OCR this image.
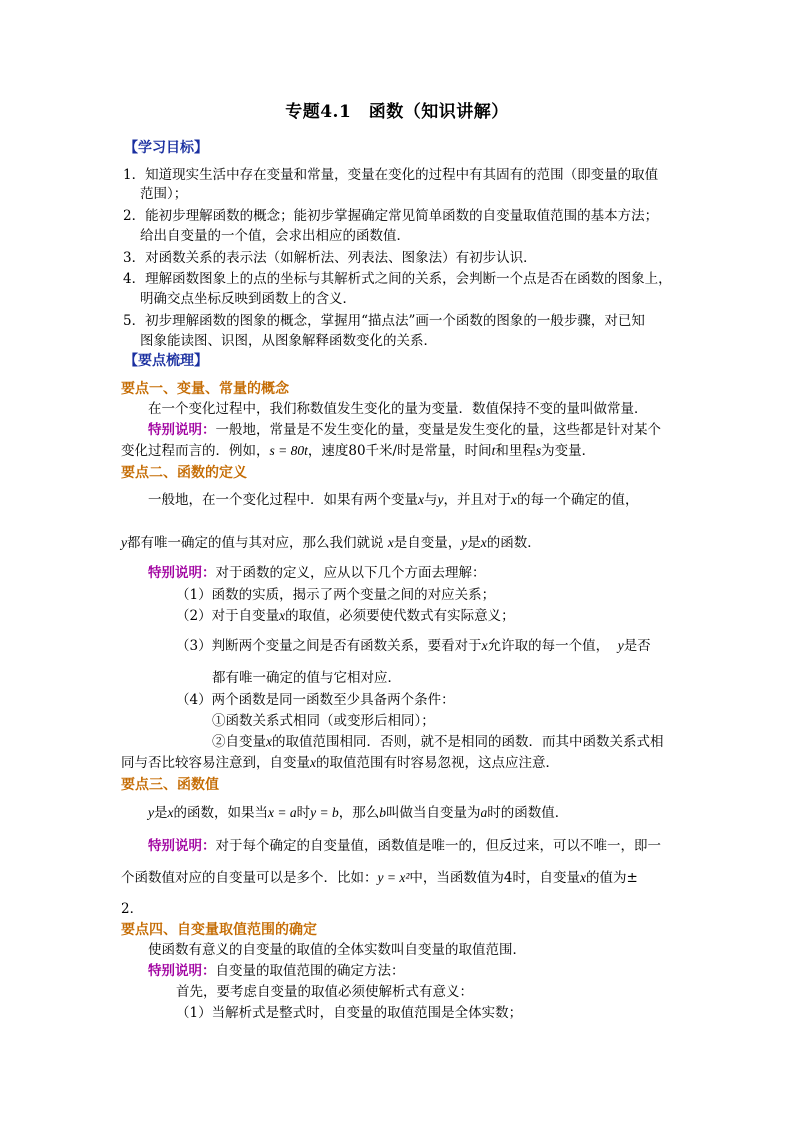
专题4.1　函数（知识讲解）
【学习目标】
1．知道现实生活中存在变量和常量，变量在变化的过程中有其固有的范围（即变量的取值
范围）；
2．能初步理解函数的概念；能初步掌握确定常见简单函数的自变量取值范围的基本方法；
给出自变量的一个值，会求出相应的函数值．
3．对函数关系的表示法（如解析法、列表法、图象法）有初步认识．
4．理解函数图象上的点的坐标与其解析式之间的关系，会判断一个点是否在函数的图象上，
明确交点坐标反映到函数上的含义．
5．初步理解函数的图象的概念，掌握用“描点法”画一个函数的图象的一般步骤，对已知
图象能读图、识图，从图象解释函数变化的关系．
【要点梳理】
要点一、变量、常量的概念
在一个变化过程中，我们称数值发生变化的量为变量．数值保持不变的量叫做常量．
特别说明：一般地，常量是不发生变化的量，变量是发生变化的量，这些都是针对某个
变化过程而言的．例如，s = 80t，速度80千米/时是常量，时间t和里程s为变量．
要点二、函数的定义
一般地，在一个变化过程中．如果有两个变量x与y，并且对于x的每一个确定的值，
y都有唯一确定的值与其对应，那么我们就说 x是自变量，y是x的函数．
特别说明：对于函数的定义，应从以下几个方面去理解：
（1）函数的实质，揭示了两个变量之间的对应关系；
（2）对于自变量x的取值，必须要使代数式有实际意义；
（3）判断两个变量之间是否有函数关系，要看对于x允许取的每一个值， y是否
都有唯一确定的值与它相对应．
（4）两个函数是同一函数至少具备两个条件：
①函数关系式相同（或变形后相同）；
②自变量x的取值范围相同．否则，就不是相同的函数．而其中函数关系式相
同与否比较容易注意到，自变量x的取值范围有时容易忽视，这点应注意．
要点三、函数值
y是x的函数，如果当x = a时y = b，那么b叫做当自变量为a时的函数值．
特别说明：对于每个确定的自变量值，函数值是唯一的，但反过来，可以不唯一，即一
个函数值对应的自变量可以是多个．比如：y = x²中，当函数值为4时，自变量x的值为±
2．
要点四、自变量取值范围的确定
使函数有意义的自变量的取值的全体实数叫自变量的取值范围．
特别说明：自变量的取值范围的确定方法：
首先，要考虑自变量的取值必须使解析式有意义：
（1）当解析式是整式时，自变量的取值范围是全体实数；
